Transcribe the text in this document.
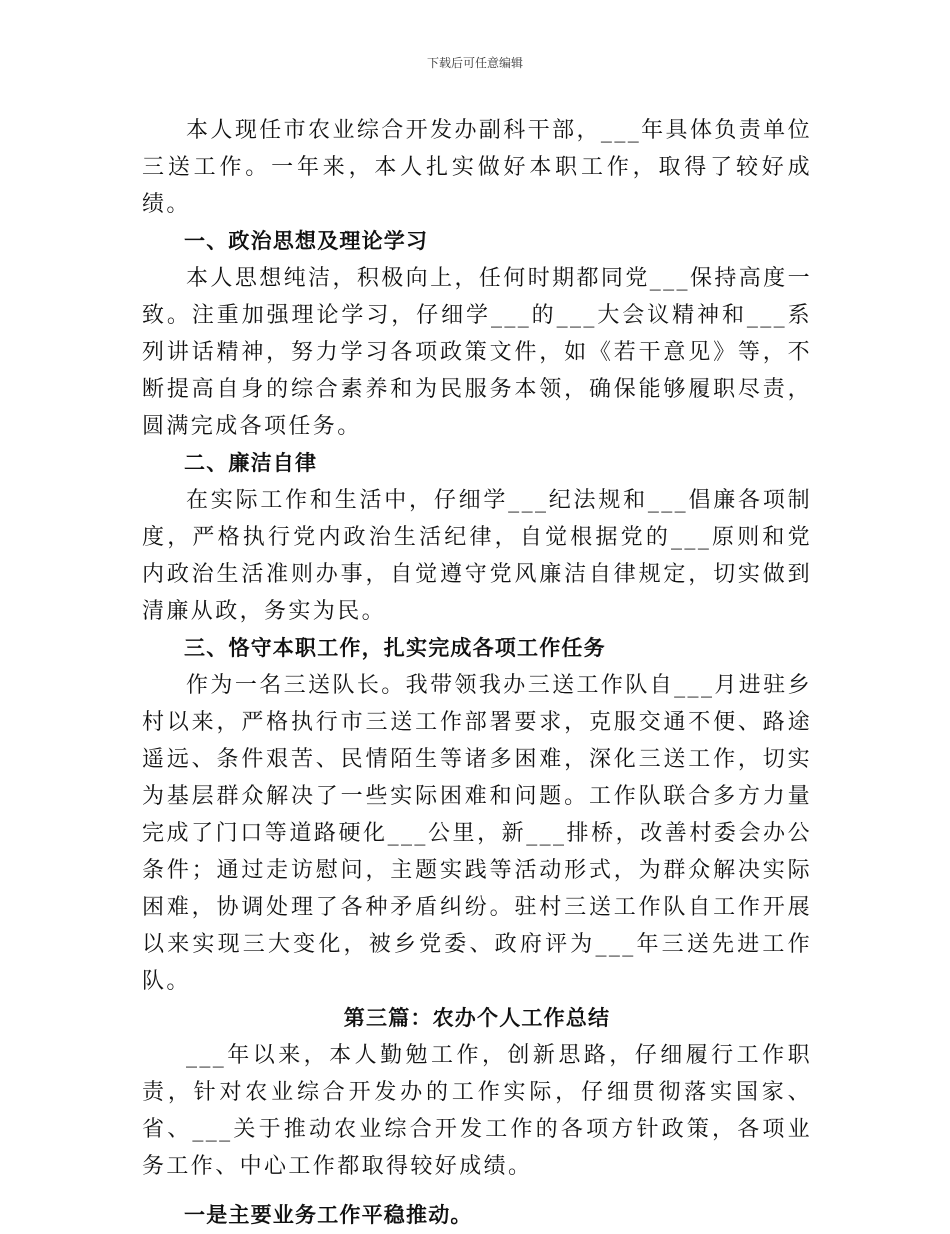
下载后可任意编辑

本人现任市农业综合开发办副科干部，___年具体负责单位三送工作。一年来，本人扎实做好本职工作，取得了较好成绩。

一、政治思想及理论学习

本人思想纯洁，积极向上，任何时期都同党___保持高度一致。注重加强理论学习，仔细学___的___大会议精神和___系列讲话精神，努力学习各项政策文件，如《若干意见》等，不断提高自身的综合素养和为民服务本领，确保能够履职尽责，圆满完成各项任务。

二、廉洁自律

在实际工作和生活中，仔细学___纪法规和___倡廉各项制度，严格执行党内政治生活纪律，自觉根据党的___原则和党内政治生活准则办事，自觉遵守党风廉洁自律规定，切实做到清廉从政，务实为民。

三、恪守本职工作，扎实完成各项工作任务

作为一名三送队长。我带领我办三送工作队自___月进驻乡村以来，严格执行市三送工作部署要求，克服交通不便、路途遥远、条件艰苦、民情陌生等诸多困难，深化三送工作，切实为基层群众解决了一些实际困难和问题。工作队联合多方力量完成了门口等道路硬化___公里，新___排桥，改善村委会办公条件；通过走访慰问，主题实践等活动形式，为群众解决实际困难，协调处理了各种矛盾纠纷。驻村三送工作队自工作开展以来实现三大变化，被乡党委、政府评为___年三送先进工作队。

第三篇：农办个人工作总结

___年以来，本人勤勉工作，创新思路，仔细履行工作职责，针对农业综合开发办的工作实际，仔细贯彻落实国家、省、___关于推动农业综合开发工作的各项方针政策，各项业务工作、中心工作都取得较好成绩。

一是主要业务工作平稳推动。
